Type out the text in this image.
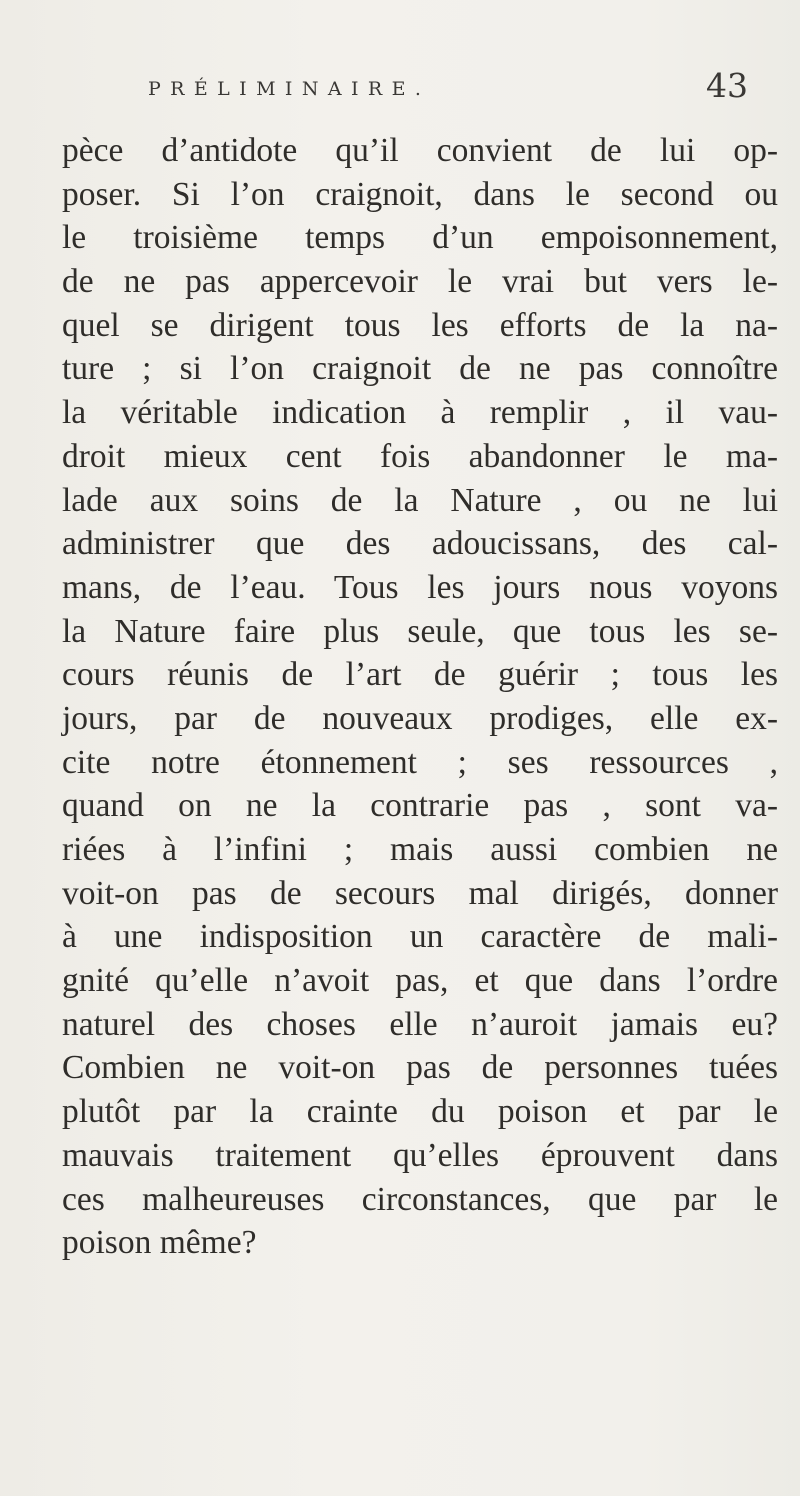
PRÉLIMINAIRE.	43
pèce d’antidote qu’il convient de lui op-
poser. Si l’on craignoit, dans le second ou
le troisième temps d’un empoisonnement,
de ne pas appercevoir le vrai but vers le-
quel se dirigent tous les efforts de la na-
ture ; si l’on craignoit de ne pas connoître
la véritable indication à remplir , il vau-
droit mieux cent fois abandonner le ma-
lade aux soins de la Nature , ou ne lui
administrer que des adoucissans, des cal-
mans, de l’eau. Tous les jours nous voyons
la Nature faire plus seule, que tous les se-
cours réunis de l’art de guérir ; tous les
jours, par de nouveaux prodiges, elle ex-
cite notre étonnement ; ses ressources ,
quand on ne la contrarie pas , sont va-
riées à l’infini ; mais aussi combien ne
voit-on pas de secours mal dirigés, donner
à une indisposition un caractère de mali-
gnité qu’elle n’avoit pas, et que dans l’ordre
naturel des choses elle n’auroit jamais eu?
Combien ne voit-on pas de personnes tuées
plutôt par la crainte du poison et par le
mauvais traitement qu’elles éprouvent dans
ces malheureuses circonstances, que par le
poison même?
